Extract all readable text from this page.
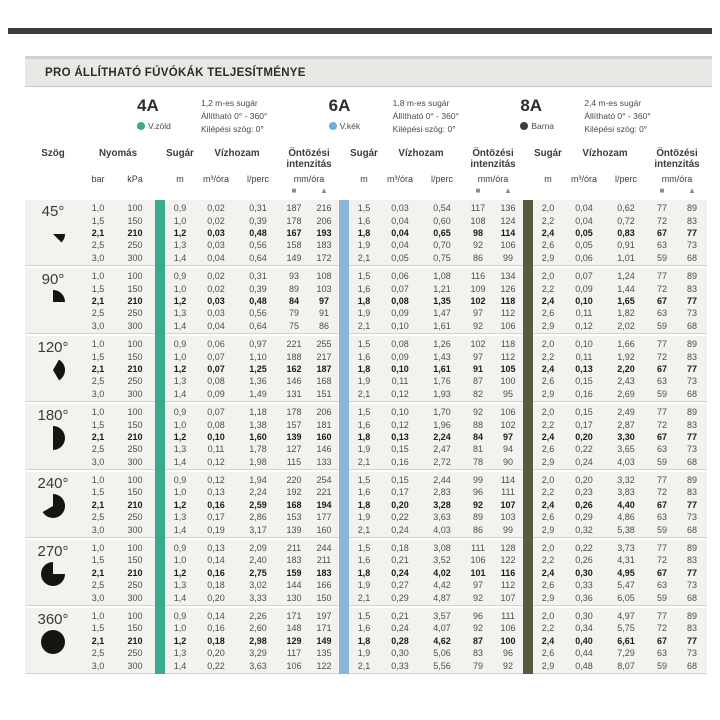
PRO ÁLLÍTHATÓ FÚVÓKÁK TELJESÍTMÉNYE
4A
V.zöld
1,2 m-es sugár
Állítható 0° - 360°
Kilépési szög: 0°
6A
V.kék
1,8 m-es sugár
Állítható 0° - 360°
Kilépési szög: 0°
8A
Barna
2,4 m-es sugár
Állítható 0° - 360°
Kilépési szög: 0°
Szög	Nyomás	Sugár	Vízhozam	Öntözési
intenzitás
Sugár	Vízhozam	Öntözési
intenzitás
Sugár	Vízhozam	Öntözési
intenzitás
bar	kPa	m	m³/óra	l/perc	mm/óra	m	m³/óra	l/perc	mm/óra	m	m³/óra	l/perc	mm/óra
■	▲	■	▲	■	▲
45°	1,0	100	0,9	0,02	0,31	187	216	1,5	0,03	0,54	117	136	2,0	0,04	0,62	77	89
1,5	150	1,0	0,02	0,39	178	206	1,6	0,04	0,60	108	124	2,2	0,04	0,72	72	83
2,1	210	1,2	0,03	0,48	167	193	1,8	0,04	0,65	98	114	2,4	0,05	0,83	67	77
2,5	250	1,3	0,03	0,56	158	183	1,9	0,04	0,70	92	106	2,6	0,05	0,91	63	73
3,0	300	1,4	0,04	0,64	149	172	2,1	0,05	0,75	86	99	2,9	0,06	1,01	59	68
90°	1,0	100	0,9	0,02	0,31	93	108	1,5	0,06	1,08	116	134	2,0	0,07	1,24	77	89
1,5	150	1,0	0,02	0,39	89	103	1,6	0,07	1,21	109	126	2,2	0,09	1,44	72	83
2,1	210	1,2	0,03	0,48	84	97	1,8	0,08	1,35	102	118	2,4	0,10	1,65	67	77
2,5	250	1,3	0,03	0,56	79	91	1,9	0,09	1,47	97	112	2,6	0,11	1,82	63	73
3,0	300	1,4	0,04	0,64	75	86	2,1	0,10	1,61	92	106	2,9	0,12	2,02	59	68
120°	1,0	100	0,9	0,06	0,97	221	255	1,5	0,08	1,26	102	118	2,0	0,10	1,66	77	89
1,5	150	1,0	0,07	1,10	188	217	1,6	0,09	1,43	97	112	2,2	0,11	1,92	72	83
2,1	210	1,2	0,07	1,25	162	187	1,8	0,10	1,61	91	105	2,4	0,13	2,20	67	77
2,5	250	1,3	0,08	1,36	146	168	1,9	0,11	1,76	87	100	2,6	0,15	2,43	63	73
3,0	300	1,4	0,09	1,49	131	151	2,1	0,12	1,93	82	95	2,9	0,16	2,69	59	68
180°	1,0	100	0,9	0,07	1,18	178	206	1,5	0,10	1,70	92	106	2,0	0,15	2,49	77	89
1,5	150	1,0	0,08	1,38	157	181	1,6	0,12	1,96	88	102	2,2	0,17	2,87	72	83
2,1	210	1,2	0,10	1,60	139	160	1,8	0,13	2,24	84	97	2,4	0,20	3,30	67	77
2,5	250	1,3	0,11	1,78	127	146	1,9	0,15	2,47	81	94	2,6	0,22	3,65	63	73
3,0	300	1,4	0,12	1,98	115	133	2,1	0,16	2,72	78	90	2,9	0,24	4,03	59	68
240°	1,0	100	0,9	0,12	1,94	220	254	1,5	0,15	2,44	99	114	2,0	0,20	3,32	77	89
1,5	150	1,0	0,13	2,24	192	221	1,6	0,17	2,83	96	111	2,2	0,23	3,83	72	83
2,1	210	1,2	0,16	2,59	168	194	1,8	0,20	3,28	92	107	2,4	0,26	4,40	67	77
2,5	250	1,3	0,17	2,86	153	177	1,9	0,22	3,63	89	103	2,6	0,29	4,86	63	73
3,0	300	1,4	0,19	3,17	139	160	2,1	0,24	4,03	86	99	2,9	0,32	5,38	59	68
270°	1,0	100	0,9	0,13	2,09	211	244	1,5	0,18	3,08	111	128	2,0	0,22	3,73	77	89
1,5	150	1,0	0,14	2,40	183	211	1,6	0,21	3,52	106	122	2,2	0,26	4,31	72	83
2,1	210	1,2	0,16	2,75	159	183	1,8	0,24	4,02	101	116	2,4	0,30	4,95	67	77
2,5	250	1,3	0,18	3,02	144	166	1,9	0,27	4,42	97	112	2,6	0,33	5,47	63	73
3,0	300	1,4	0,20	3,33	130	150	2,1	0,29	4,87	92	107	2,9	0,36	6,05	59	68
360°	1,0	100	0,9	0,14	2,26	171	197	1,5	0,21	3,57	96	111	2,0	0,30	4,97	77	89
1,5	150	1,0	0,16	2,60	148	171	1,6	0,24	4,07	92	106	2,2	0,34	5,75	72	83
2,1	210	1,2	0,18	2,98	129	149	1,8	0,28	4,62	87	100	2,4	0,40	6,61	67	77
2,5	250	1,3	0,20	3,29	117	135	1,9	0,30	5,06	83	96	2,6	0,44	7,29	63	73
3,0	300	1,4	0,22	3,63	106	122	2,1	0,33	5,56	79	92	2,9	0,48	8,07	59	68
